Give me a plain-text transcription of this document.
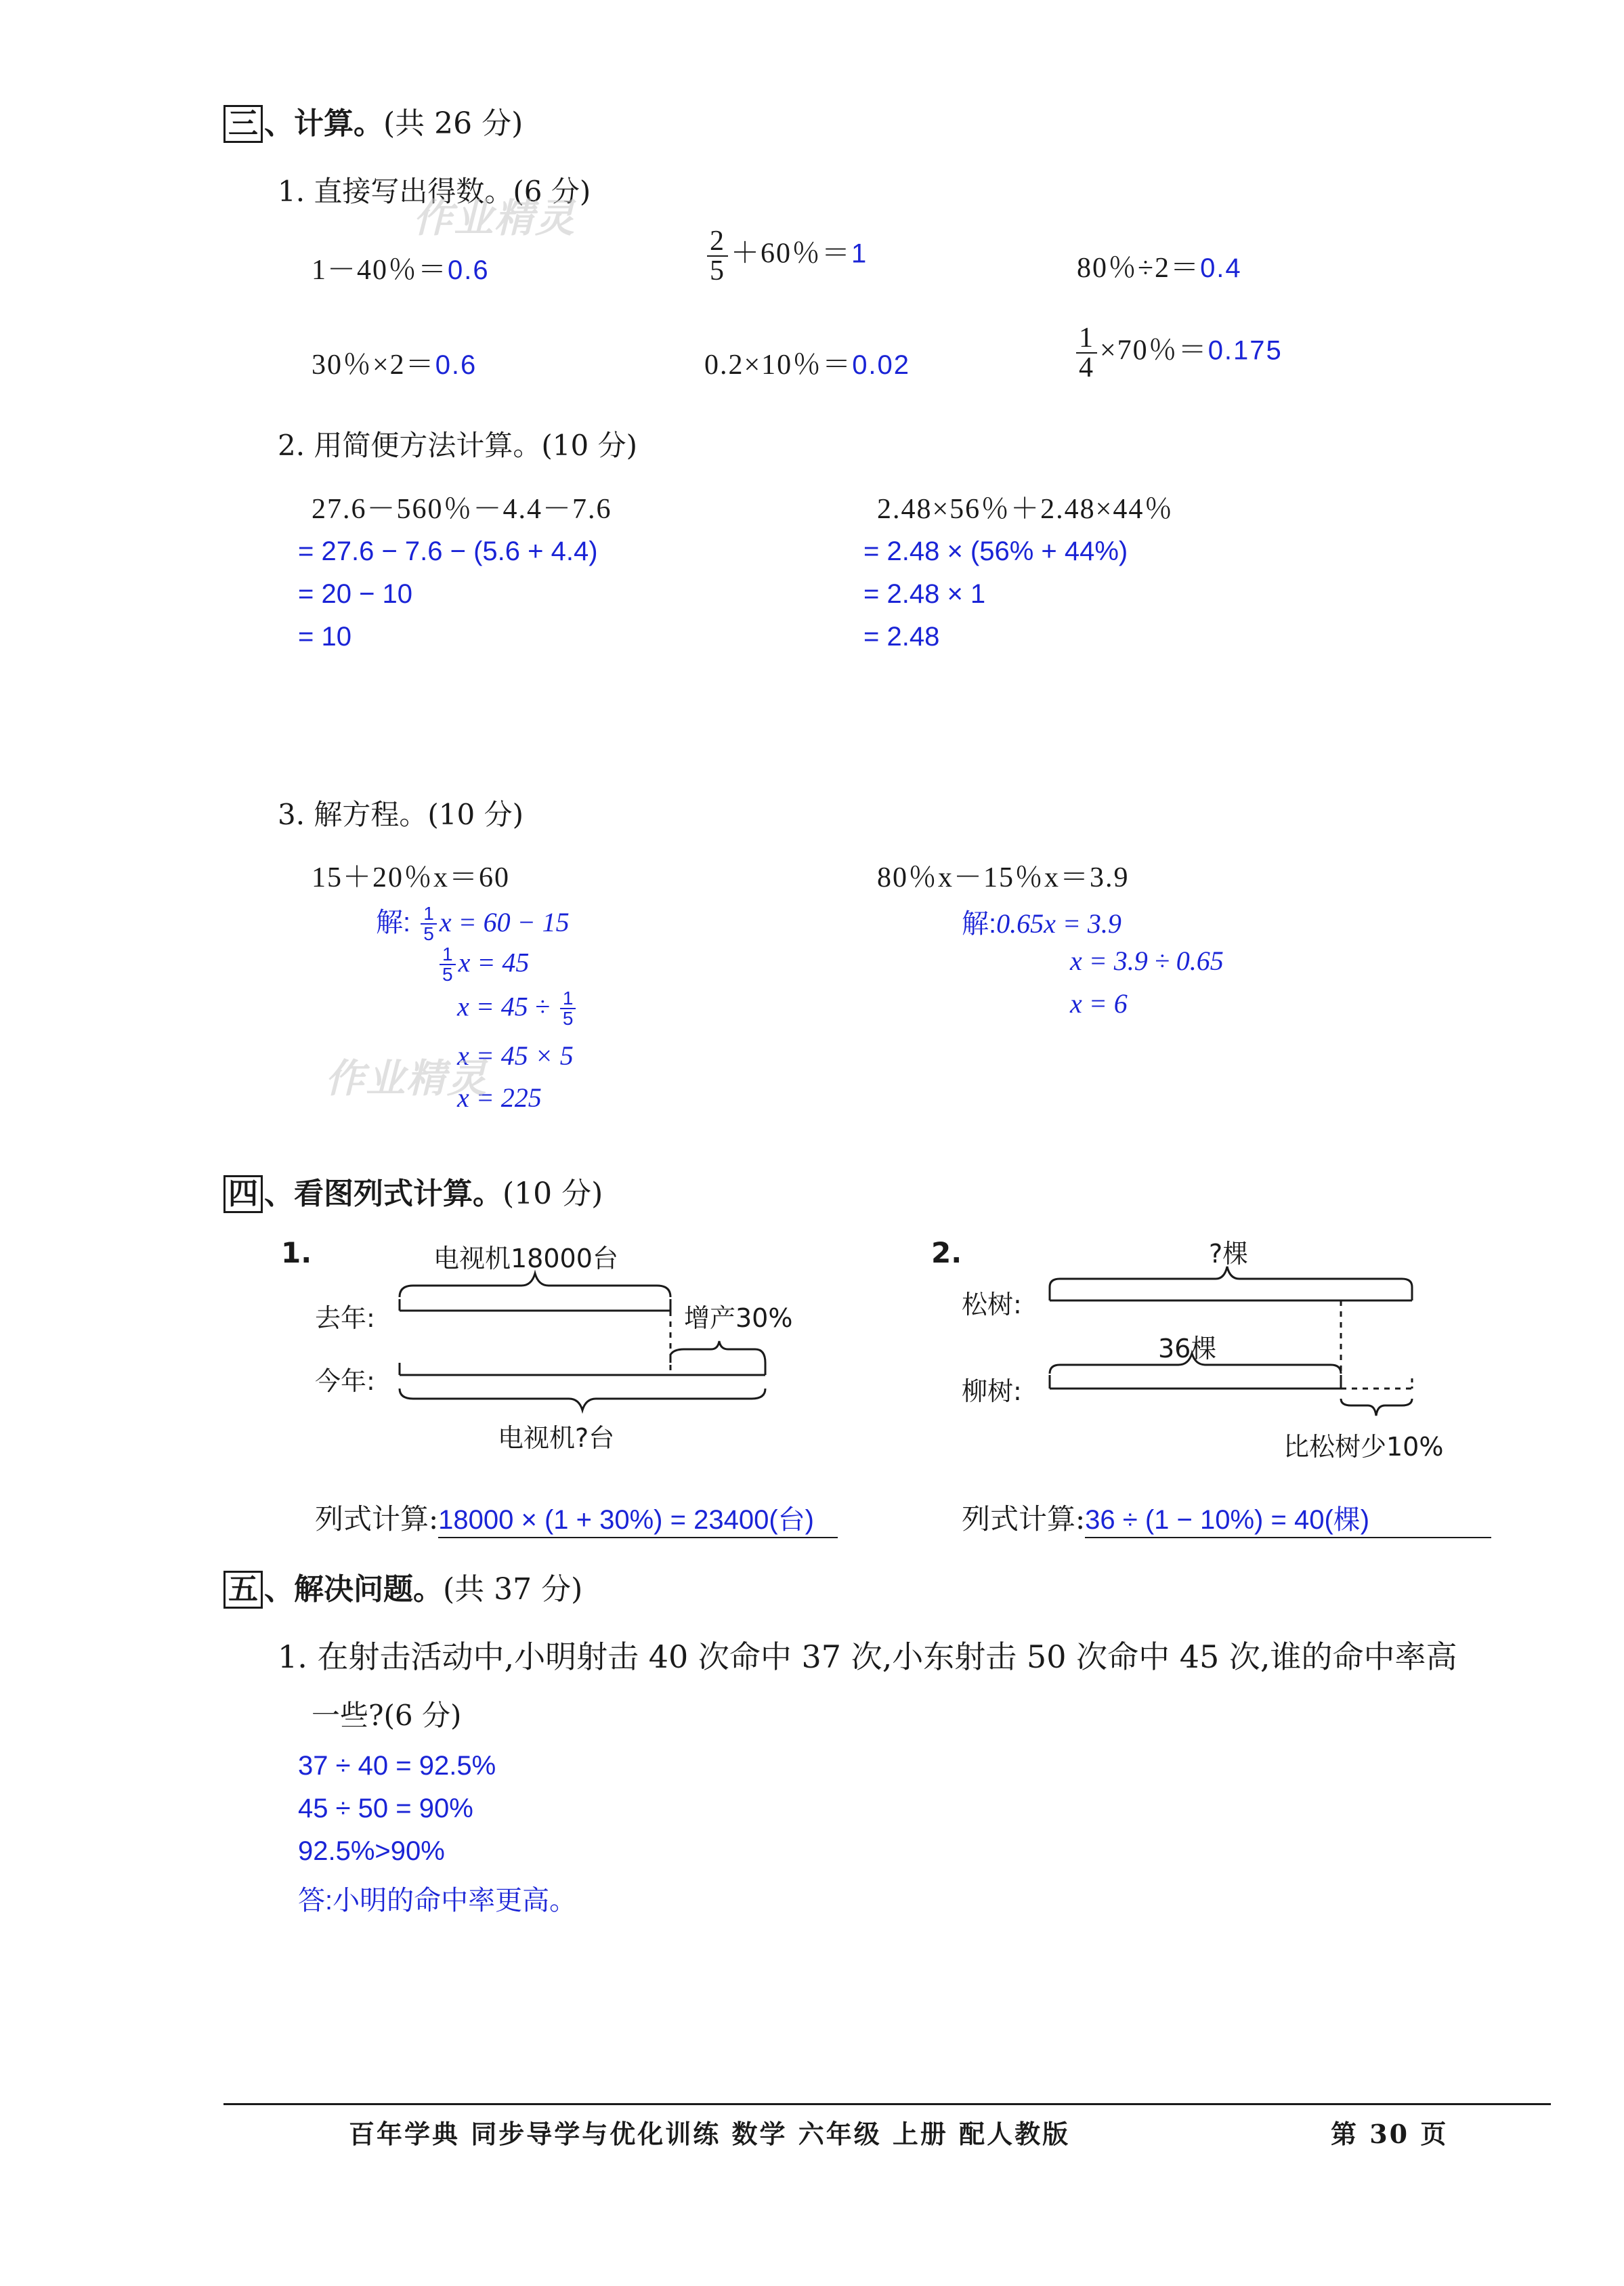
三 、计算。(共 26 分)
1. 直接写出得数。(6 分)
作业精灵
1－40％＝0.6	$\frac{2}{5} +60$％＝1	80％÷2＝0.4
30％×2＝0.6	0.2×10％＝0.02	$\frac{1}{4} \times 70$％＝0.175
2. 用简便方法计算。(10 分)
27.6－560％－4.4－7.6
= 27.6 − 7.6 − (5.6 + 4.4)
= 20 − 10
= 10
2.48×56％＋2.48×44％
= 2.48 × (56% + 44%)
= 2.48 × 1
= 2.48
3. 解方程。(10 分)
15＋20％x＝60
解: $\frac{1}{5}$ x = 60 − 15
$\frac{1}{5}$ x = 45
$x = 45 \div \frac{1}{5}$
x = 45 × 5
x = 225
作业精灵
80％x－15％x＝3.9
解:0.65x = 3.9
x = 3.9 ÷ 0.65
x = 6
四 、看图列式计算。(10 分)
1.	电视机18000台
去年:
今年:
增产30%
电视机?台
列式计算:18000 × (1 + 30%) = 23400(台)
2.	?棵
松树:
36棵
柳树:
比松树少10%
列式计算:36 ÷ (1 − 10%) = 40(棵)
五 、解决问题。(共 37 分)
1. 在射击活动中,小明射击 40 次命中 37 次,小东射击 50 次命中 45 次,谁的命中率高
一些?(6 分)
37 ÷ 40 = 92.5%
45 ÷ 50 = 90%
92.5%>90%
答:小明的命中率更高。
百年学典 同步导学与优化训练 数学 六年级 上册 配人教版	第 30 页
